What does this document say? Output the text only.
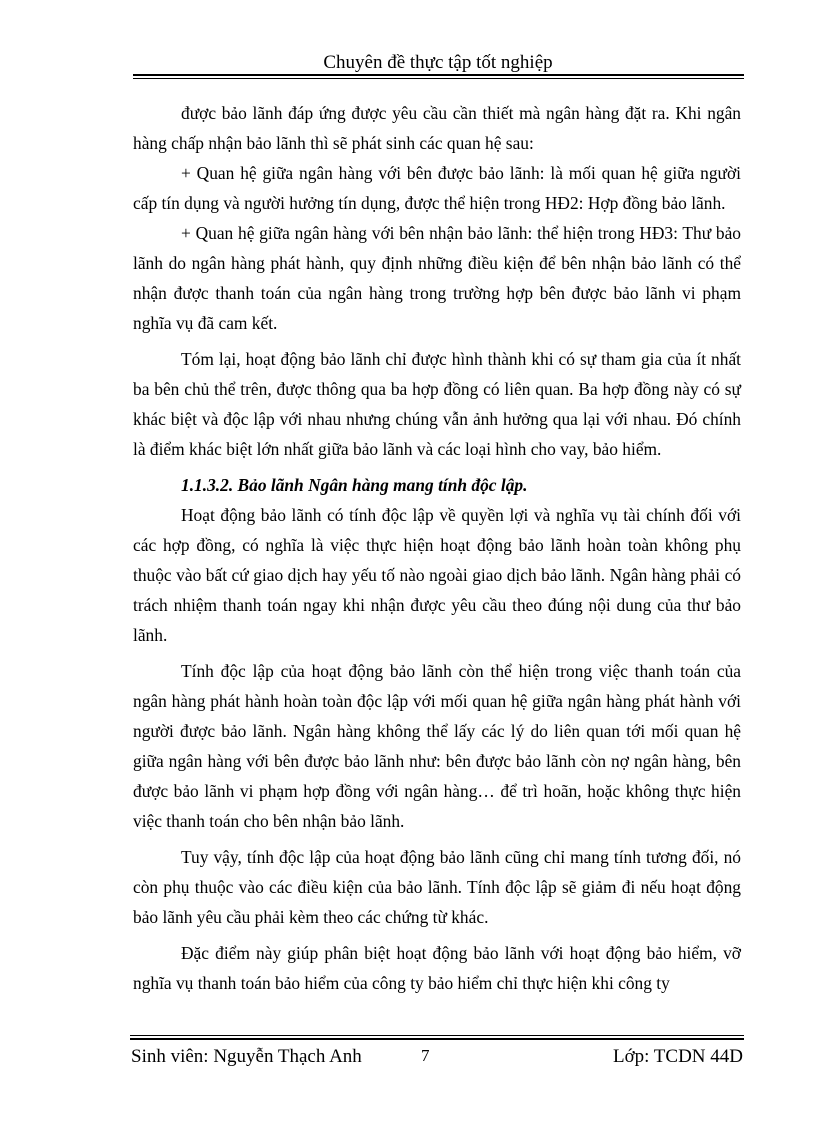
Chuyên đề thực tập tốt nghiệp

được bảo lãnh đáp ứng được yêu cầu cần thiết mà ngân hàng đặt ra. Khi ngân hàng chấp nhận bảo lãnh thì sẽ phát sinh các quan hệ sau:

+ Quan hệ giữa ngân hàng với bên được bảo lãnh: là mối quan hệ giữa người cấp tín dụng và người hưởng tín dụng, được thể hiện trong HĐ2: Hợp đồng bảo lãnh.

+ Quan hệ giữa ngân hàng với bên nhận bảo lãnh: thể hiện trong HĐ3: Thư bảo lãnh do ngân hàng phát hành, quy định những điều kiện để bên nhận bảo lãnh có thể nhận được thanh toán của ngân hàng trong trường hợp bên được bảo lãnh vi phạm nghĩa vụ đã cam kết.

Tóm lại, hoạt động bảo lãnh chỉ được hình thành khi có sự tham gia của ít nhất ba bên chủ thể trên, được thông qua ba hợp đồng có liên quan. Ba hợp đồng này có sự khác biệt và độc lập với nhau nhưng chúng vẫn ảnh hưởng qua lại với nhau. Đó chính là điểm khác biệt lớn nhất giữa bảo lãnh và các loại hình cho vay, bảo hiểm.

1.1.3.2. Bảo lãnh Ngân hàng mang tính độc lập.

Hoạt động bảo lãnh có tính độc lập về quyền lợi và nghĩa vụ tài chính đối với các hợp đồng, có nghĩa là việc thực hiện hoạt động bảo lãnh hoàn toàn không phụ thuộc vào bất cứ giao dịch hay yếu tố nào ngoài giao dịch bảo lãnh. Ngân hàng phải có trách nhiệm thanh toán ngay khi nhận được yêu cầu theo đúng nội dung của thư bảo lãnh.

Tính độc lập của hoạt động bảo lãnh còn thể hiện trong việc thanh toán của ngân hàng phát hành hoàn toàn độc lập với mối quan hệ giữa ngân hàng phát hành với người được bảo lãnh. Ngân hàng không thể lấy các lý do liên quan tới mối quan hệ giữa ngân hàng với bên được bảo lãnh như: bên được bảo lãnh còn nợ ngân hàng, bên được bảo lãnh vi phạm hợp đồng với ngân hàng… để trì hoãn, hoặc không thực hiện việc thanh toán cho bên nhận bảo lãnh.

Tuy vậy, tính độc lập của hoạt động bảo lãnh cũng chỉ mang tính tương đối, nó còn phụ thuộc vào các điều kiện của bảo lãnh. Tính độc lập sẽ giảm đi nếu hoạt động bảo lãnh yêu cầu phải kèm theo các chứng từ khác.

Đặc điểm này giúp phân biệt hoạt động bảo lãnh với hoạt động bảo hiểm, vỡ nghĩa vụ thanh toán bảo hiểm của công ty bảo hiểm chỉ thực hiện khi công ty

Sinh viên: Nguyễn Thạch Anh	7	Lớp: TCDN 44D
